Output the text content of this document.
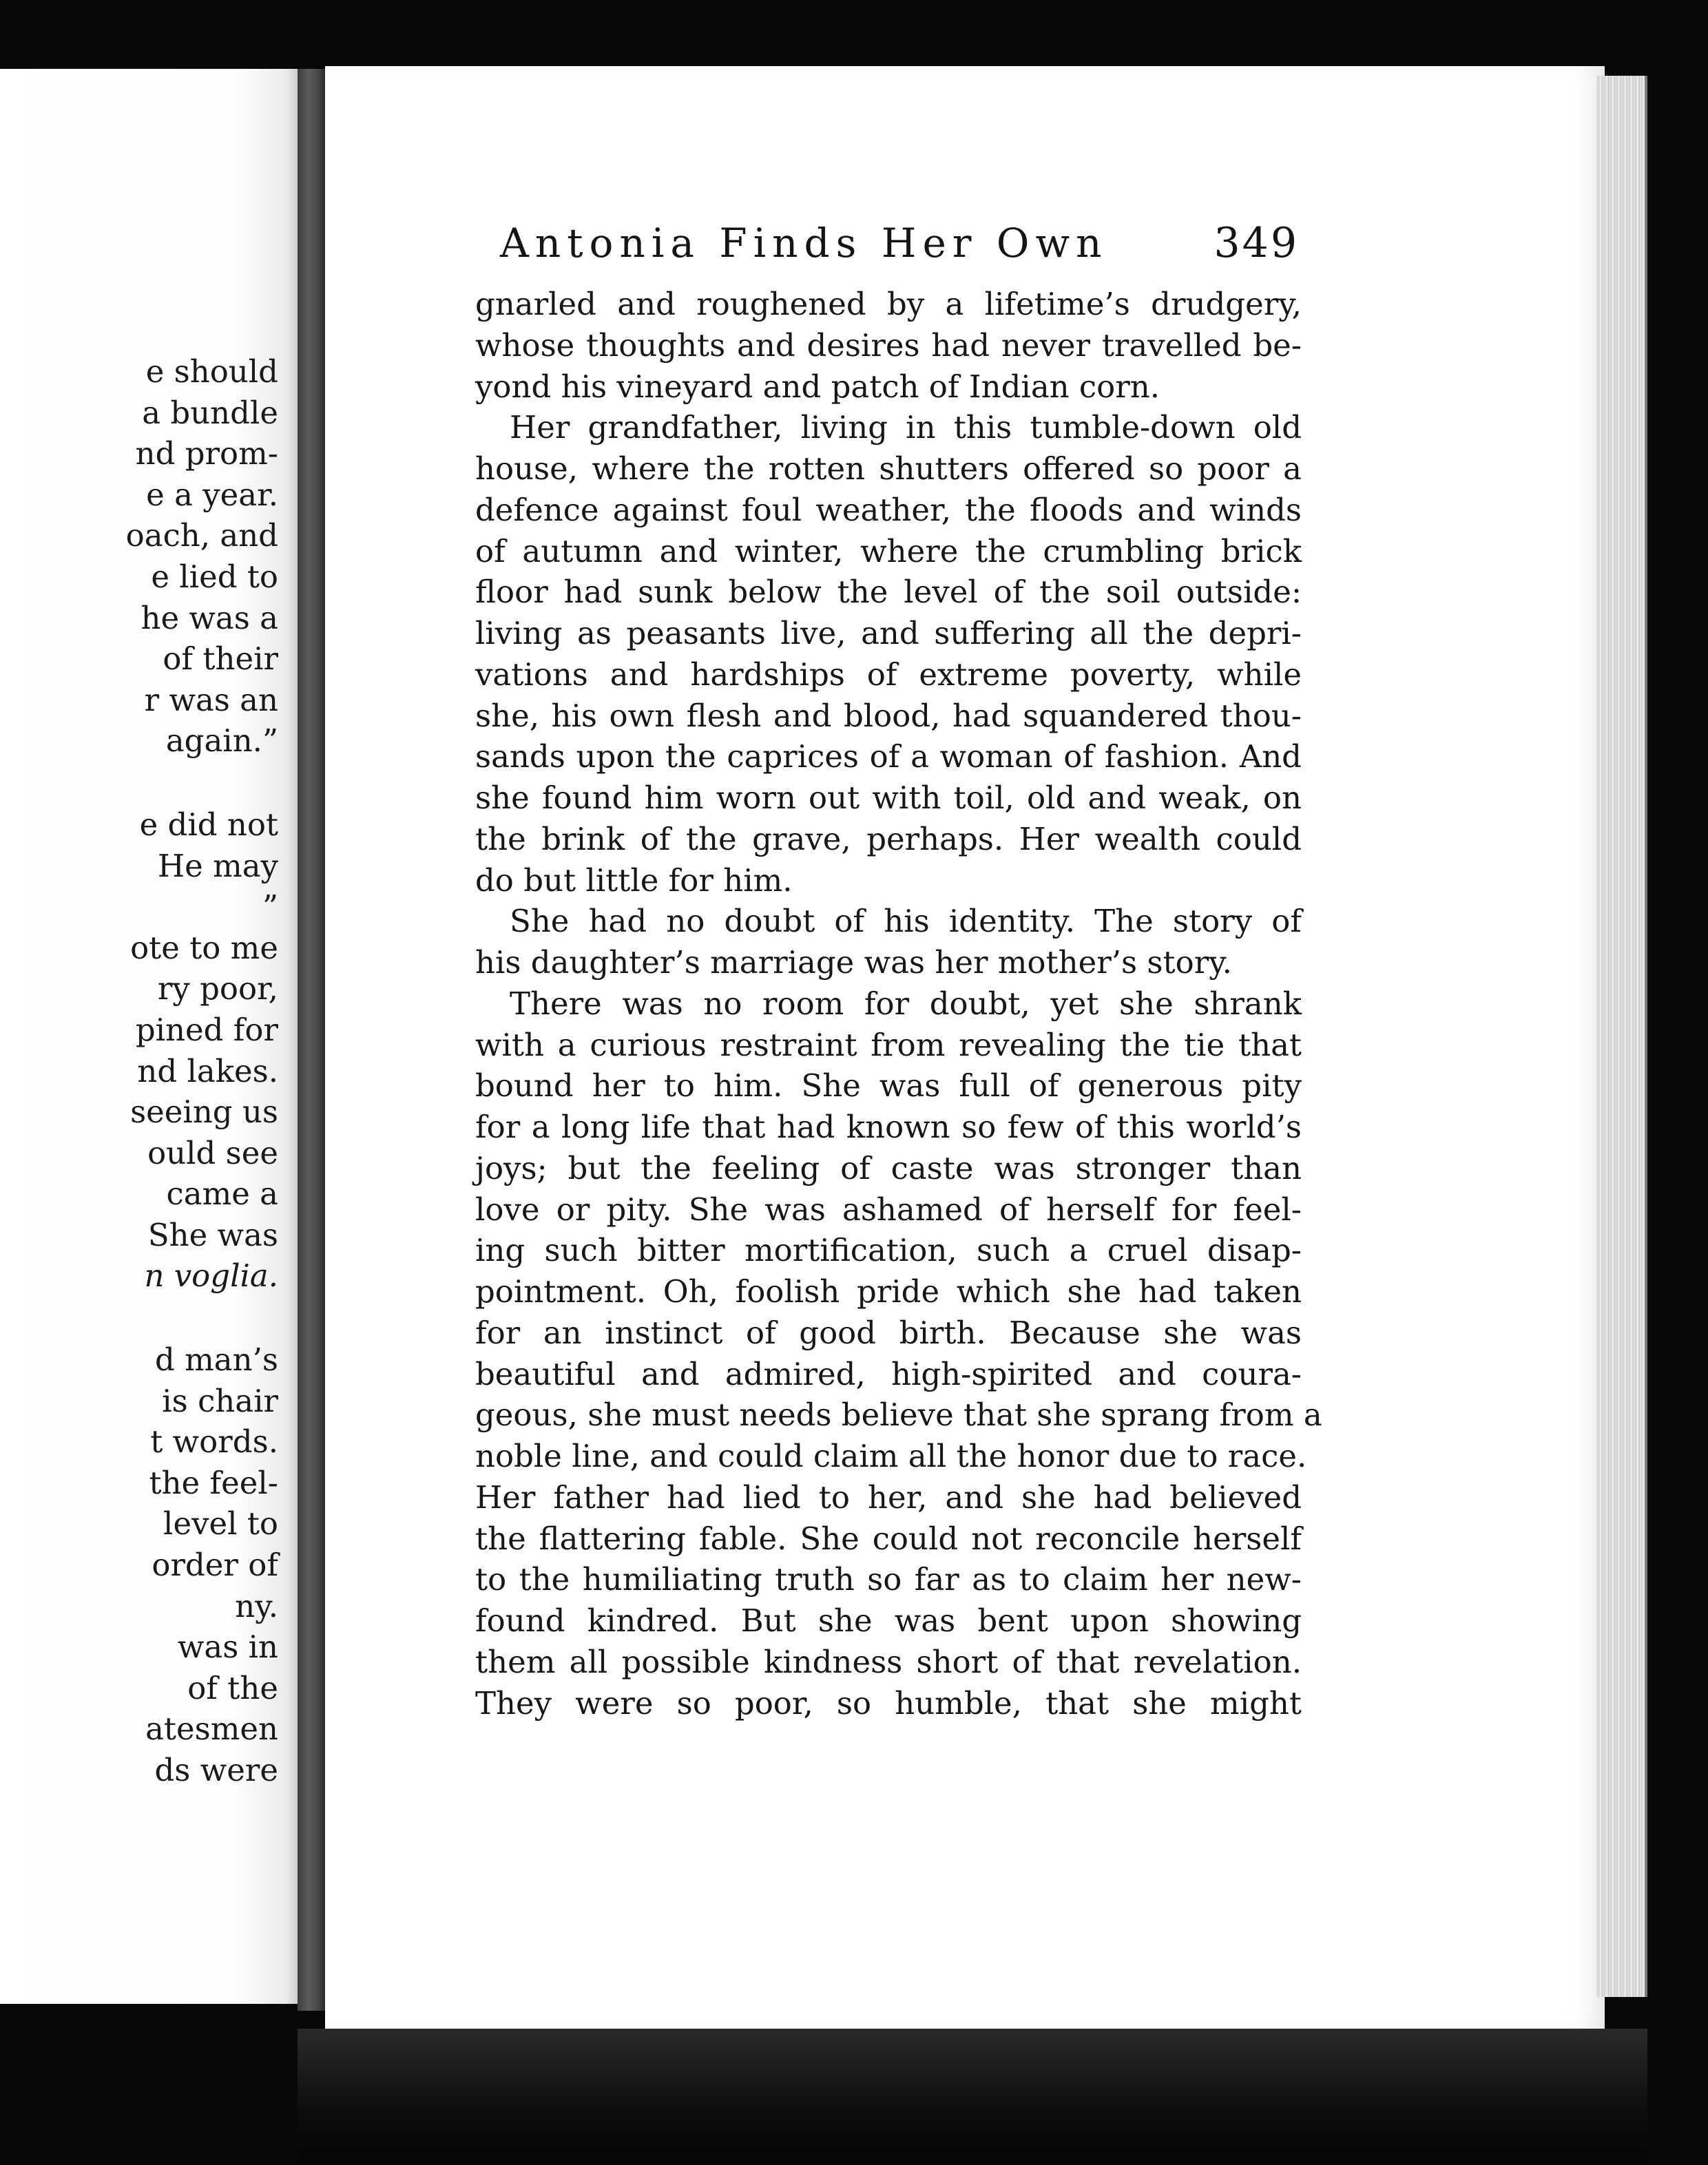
e should
a bundle
nd prom-
e a year.
oach, and
e lied to
he was a
of their
r was an
again.”
e did not
He may
”
ote to me
ry poor,
pined for
nd lakes.
seeing us
ould see
came a
She was
n voglia.
d man’s
is chair
t words.
the feel-
level to
order of
ny.
was in
of the
atesmen
ds were
Antonia Finds Her Own	349
gnarled and roughened by a lifetime’s drudgery,
whose thoughts and desires had never travelled be-
yond his vineyard and patch of Indian corn.
Her grandfather, living in this tumble-down old
house, where the rotten shutters offered so poor a
defence against foul weather, the floods and winds
of autumn and winter, where the crumbling brick
floor had sunk below the level of the soil outside:
living as peasants live, and suffering all the depri-
vations and hardships of extreme poverty, while
she, his own flesh and blood, had squandered thou-
sands upon the caprices of a woman of fashion. And
she found him worn out with toil, old and weak, on
the brink of the grave, perhaps. Her wealth could
do but little for him.
She had no doubt of his identity. The story of
his daughter’s marriage was her mother’s story.
There was no room for doubt, yet she shrank
with a curious restraint from revealing the tie that
bound her to him. She was full of generous pity
for a long life that had known so few of this world’s
joys; but the feeling of caste was stronger than
love or pity. She was ashamed of herself for feel-
ing such bitter mortification, such a cruel disap-
pointment. Oh, foolish pride which she had taken
for an instinct of good birth. Because she was
beautiful and admired, high-spirited and coura-
geous, she must needs believe that she sprang from a
noble line, and could claim all the honor due to race.
Her father had lied to her, and she had believed
the flattering fable. She could not reconcile herself
to the humiliating truth so far as to claim her new-
found kindred. But she was bent upon showing
them all possible kindness short of that revelation.
They were so poor, so humble, that she might
